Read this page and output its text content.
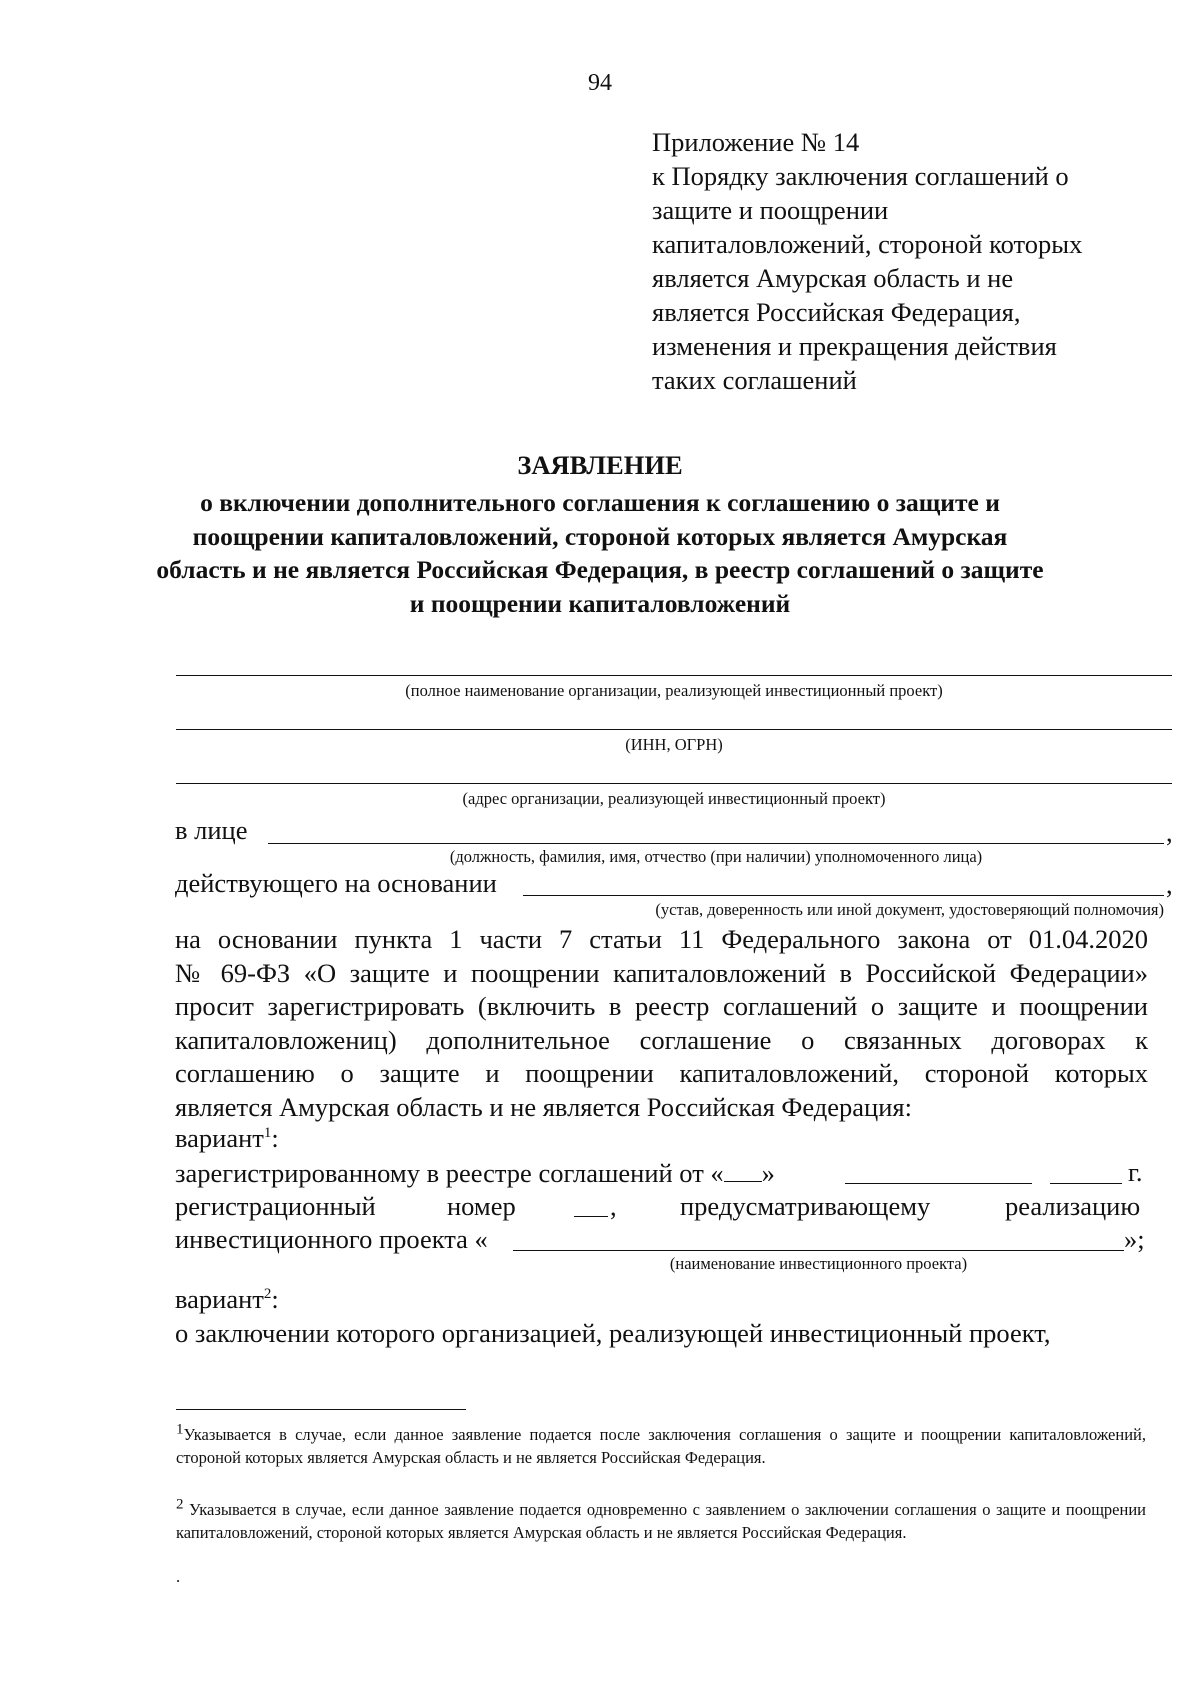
94
Приложение № 14
к Порядку заключения соглашений о
защите и поощрении
капиталовложений, стороной которых
является Амурская область и не
является Российская Федерация,
изменения и прекращения действия
таких соглашений
ЗАЯВЛЕНИЕ
о включении дополнительного соглашения к соглашению о защите и поощрении капиталовложений, стороной которых является Амурская область и не является Российская Федерация, в реестр соглашений о защите и поощрении капиталовложений
(полное наименование организации, реализующей инвестиционный проект)
(ИНН, ОГРН)
(адрес организации, реализующей инвестиционный проект)
в лице	,
(должность, фамилия, имя, отчество (при наличии) уполномоченного лица)
действующего на основании	,
(устав, доверенность или иной документ, удостоверяющий полномочия)
на основании пункта 1 части 7 статьи 11 Федерального закона от 01.04.2020
№ 69-ФЗ «О защите и поощрении капиталовложений в Российской Федерации»
просит зарегистрировать (включить в реестр соглашений о защите и поощрении
капиталовложениц) дополнительное соглашение о связанных договорах к
соглашению о защите и поощрении капиталовложений, стороной которых
является Амурская область и не является Российская Федерация:
вариант$^1$:
зарегистрированному в реестре соглашений от « »	г.
регистрационный	номер	, предусматривающему	реализацию
инвестиционного проекта «	»;
(наименование инвестиционного проекта)
вариант$^2$:
о заключении которого организацией, реализующей инвестиционный проект,
$^1$Указывается в случае, если данное заявление подается после заключения соглашения о защите и поощрении капиталовложений, стороной которых является Амурская область и не является Российская Федерация.
$^2$ Указывается в случае, если данное заявление подается одновременно с заявлением о заключении соглашения о защите и поощрении капиталовложений, стороной которых является Амурская область и не является Российская Федерация.
.
